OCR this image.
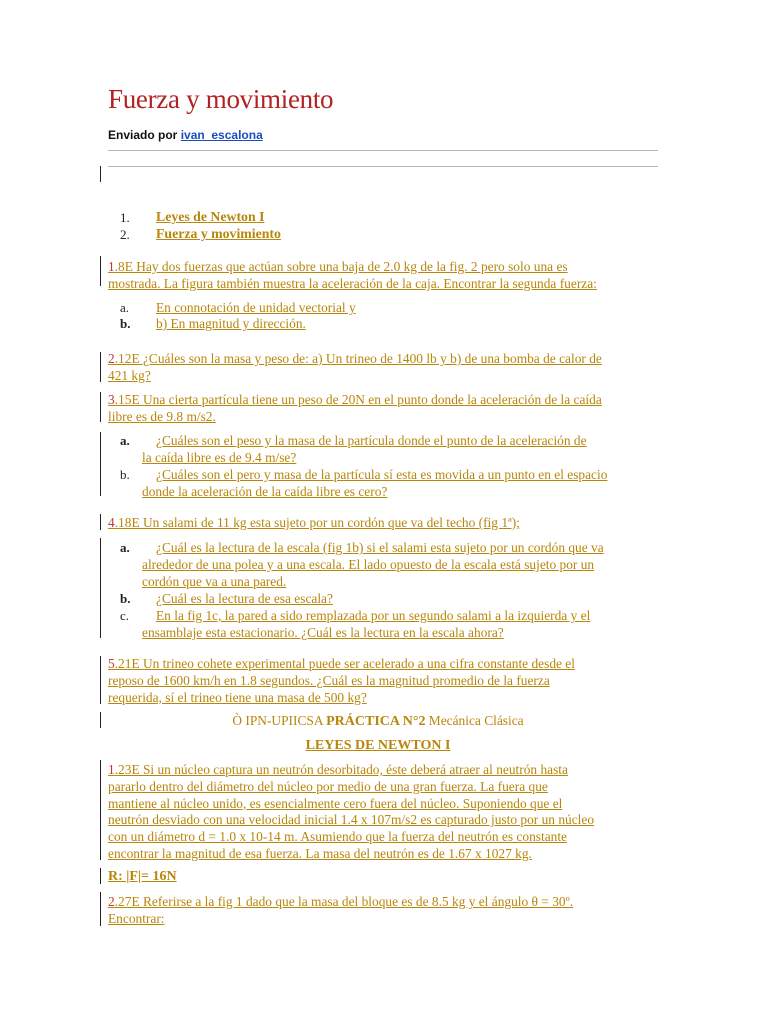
Fuerza y movimiento
Enviado por ivan_escalona
1. Leyes de Newton I
2. Fuerza y movimiento
1.8E Hay dos fuerzas que actúan sobre una baja de 2.0 kg de la fig. 2 pero solo una es
mostrada. La figura también muestra la aceleración de la caja. Encontrar la segunda fuerza:
a. En connotación de unidad vectorial y
b. b) En magnitud y dirección.
2.12E ¿Cuáles son la masa y peso de: a) Un trineo de 1400 lb y b) de una bomba de calor de
421 kg?
3.15E Una cierta partícula tiene un peso de 20N en el punto donde la aceleración de la caída
libre es de 9.8 m/s2.
a.	¿Cuáles son el peso y la masa de la partícula donde el punto de la aceleración de
la caída libre es de 9.4 m/se?
b.	¿Cuáles son el pero y masa de la partícula sí esta es movida a un punto en el espacio
donde la aceleración de la caída libre es cero?
4.18E Un salami de 11 kg esta sujeto por un cordón que va del techo (fig 1ª);
a.	¿Cuál es la lectura de la escala (fig 1b) si el salami esta sujeto por un cordón que va
alrededor de una polea y a una escala. El lado opuesto de la escala está sujeto por un
cordón que va a una pared.
b. ¿Cuál es la lectura de esa escala?
c.	En la fig 1c, la pared a sido remplazada por un segundo salami a la izquierda y el
ensamblaje esta estacionario. ¿Cuál es la lectura en la escala ahora?
5.21E Un trineo cohete experimental puede ser acelerado a una cifra constante desde el
reposo de 1600 km/h en 1.8 segundos. ¿Cuál es la magnitud promedio de la fuerza
requerida, sí el trineo tiene una masa de 500 kg?
Ò IPN-UPIICSA PRÁCTICA N°2 Mecánica Clásica
LEYES DE NEWTON I
1.23E Si un núcleo captura un neutrón desorbitado, éste deberá atraer al neutrón hasta
pararlo dentro del diámetro del núcleo por medio de una gran fuerza. La fuera que
mantiene al núcleo unido, es esencialmente cero fuera del núcleo. Suponiendo que el
neutrón desviado con una velocidad inicial 1.4 x 107m/s2 es capturado justo por un núcleo
con un diámetro d = 1.0 x 10-14 m. Asumiendo que la fuerza del neutrón es constante
encontrar la magnitud de esa fuerza. La masa del neutrón es de 1.67 x 1027 kg.
R: |F|= 16N
2.27E Referirse a la fig 1 dado que la masa del bloque es de 8.5 kg y el ángulo θ = 30º.
Encontrar:
